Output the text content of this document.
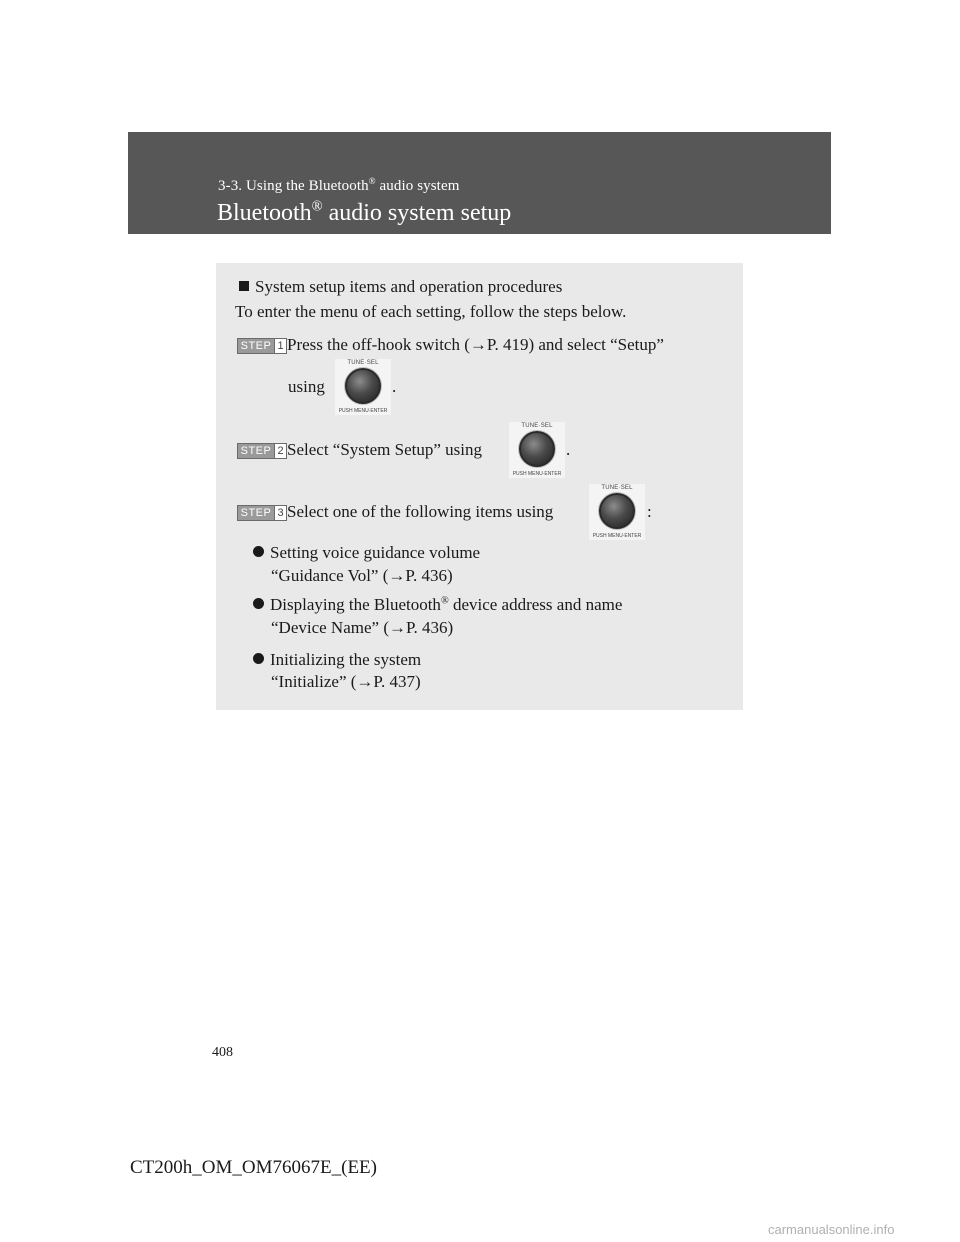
3-3. Using the Bluetooth® audio system
Bluetooth® audio system setup
System setup items and operation procedures
To enter the menu of each setting, follow the steps below.
STEP 1 Press the off-hook switch (→P. 419) and select “Setup”
using
TUNE·SEL
PUSH MENU·ENTER
.
STEP 2 Select “System Setup” using
TUNE·SEL
PUSH MENU·ENTER
.
STEP 3 Select one of the following items using
TUNE·SEL
PUSH MENU·ENTER
:
Setting voice guidance volume
“Guidance Vol” (→P. 436)
Displaying the Bluetooth® device address and name
“Device Name” (→P. 436)
Initializing the system
“Initialize” (→P. 437)
408
CT200h_OM_OM76067E_(EE)
carmanualsonline.info
